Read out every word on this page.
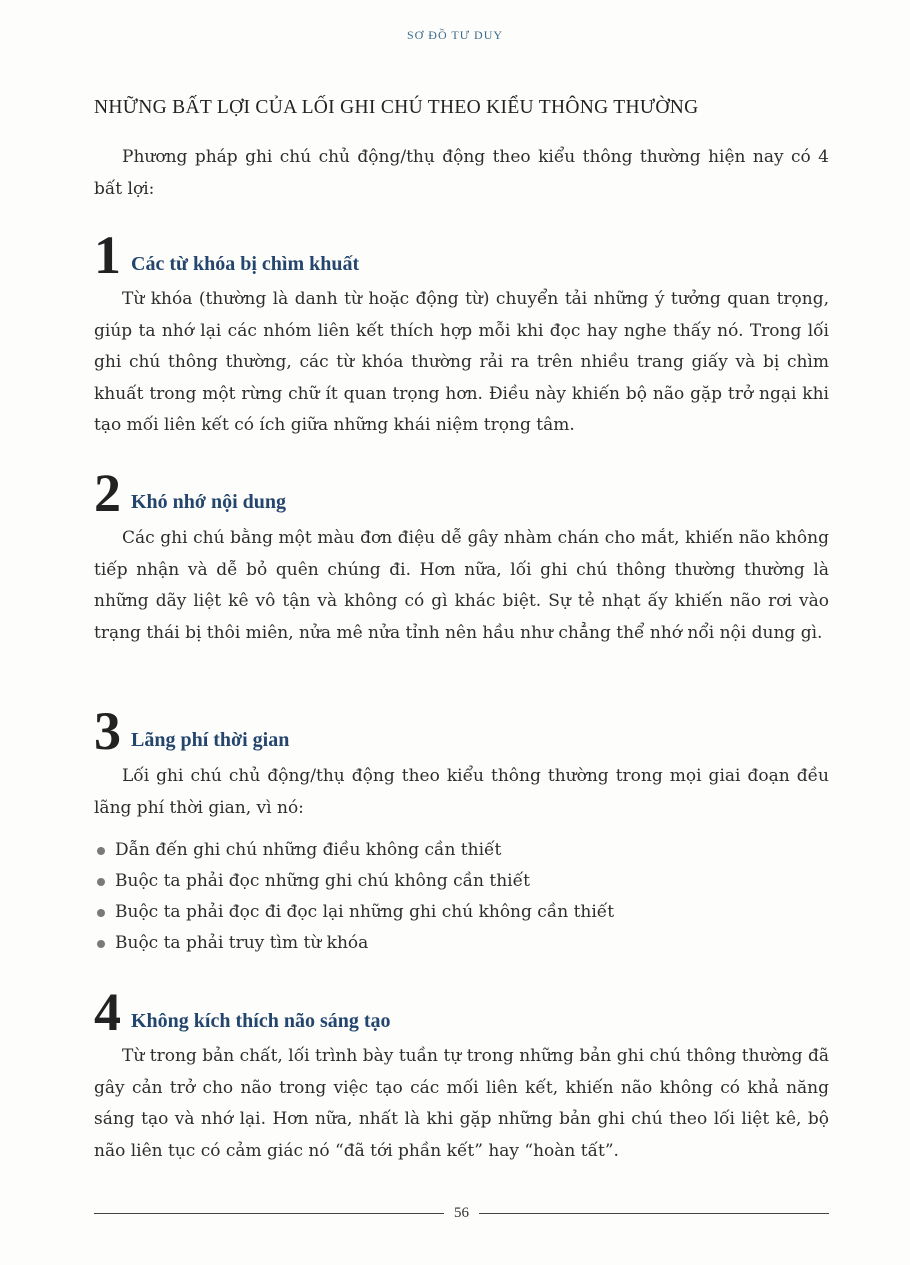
SƠ ĐỒ TƯ DUY
NHỮNG BẤT LỢI CỦA LỐI GHI CHÚ THEO KIỂU THÔNG THƯỜNG

Phương pháp ghi chú chủ động/thụ động theo kiểu thông thường hiện nay có 4 bất lợi:

1 Các từ khóa bị chìm khuất

Từ khóa (thường là danh từ hoặc động từ) chuyển tải những ý tưởng quan trọng, giúp ta nhớ lại các nhóm liên kết thích hợp mỗi khi đọc hay nghe thấy nó. Trong lối ghi chú thông thường, các từ khóa thường rải ra trên nhiều trang giấy và bị chìm khuất trong một rừng chữ ít quan trọng hơn. Điều này khiến bộ não gặp trở ngại khi tạo mối liên kết có ích giữa những khái niệm trọng tâm.

2 Khó nhớ nội dung

Các ghi chú bằng một màu đơn điệu dễ gây nhàm chán cho mắt, khiến não không tiếp nhận và dễ bỏ quên chúng đi. Hơn nữa, lối ghi chú thông thường thường là những dãy liệt kê vô tận và không có gì khác biệt. Sự tẻ nhạt ấy khiến não rơi vào trạng thái bị thôi miên, nửa mê nửa tỉnh nên hầu như chẳng thể nhớ nổi nội dung gì.

3 Lãng phí thời gian

Lối ghi chú chủ động/thụ động theo kiểu thông thường trong mọi giai đoạn đều lãng phí thời gian, vì nó:

Dẫn đến ghi chú những điều không cần thiết
Buộc ta phải đọc những ghi chú không cần thiết
Buộc ta phải đọc đi đọc lại những ghi chú không cần thiết
Buộc ta phải truy tìm từ khóa
4 Không kích thích não sáng tạo

Từ trong bản chất, lối trình bày tuần tự trong những bản ghi chú thông thường đã gây cản trở cho não trong việc tạo các mối liên kết, khiến não không có khả năng sáng tạo và nhớ lại. Hơn nữa, nhất là khi gặp những bản ghi chú theo lối liệt kê, bộ não liên tục có cảm giác nó “đã tới phần kết” hay “hoàn tất”.

56
